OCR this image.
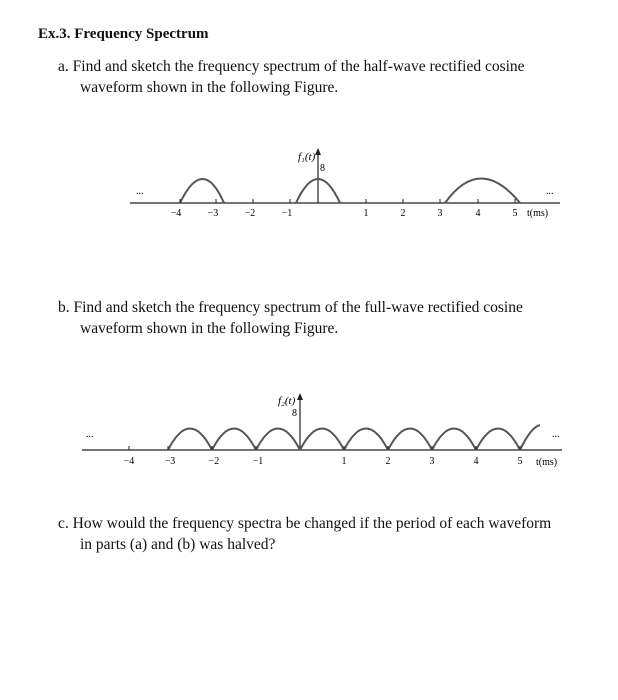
Ex.3. Frequency Spectrum
a. Find and sketch the frequency spectrum of the half-wave rectified cosine
waveform shown in the following Figure.
...	...
f₁(t)
8
t(ms)
−4	−3	−2	−1	1	2	3	4	5
b. Find and sketch the frequency spectrum of the full-wave rectified cosine
waveform shown in the following Figure.
...	...
f₂(t)
8
t(ms)
−4	−3	−2	−1	1	2	3	4	5
c. How would the frequency spectra be changed if the period of each waveform
in parts (a) and (b) was halved?
